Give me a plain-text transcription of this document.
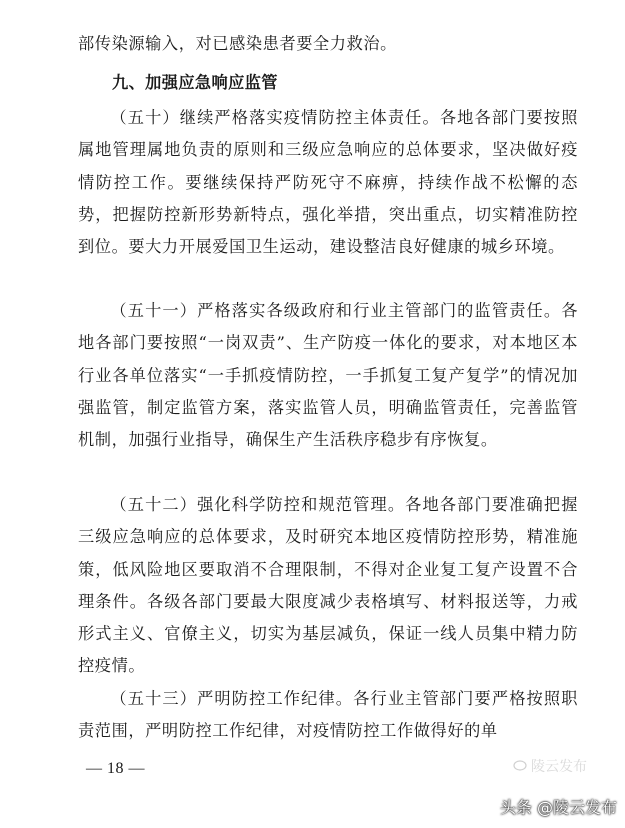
部传染源输入，对已感染患者要全力救治。

九、加强应急响应监管

（五十）继续严格落实疫情防控主体责任。各地各部门要按照属地管理属地负责的原则和三级应急响应的总体要求，坚决做好疫情防控工作。要继续保持严防死守不麻痹，持续作战不松懈的态势，把握防控新形势新特点，强化举措，突出重点，切实精准防控到位。要大力开展爱国卫生运动，建设整洁良好健康的城乡环境。

（五十一）严格落实各级政府和行业主管部门的监管责任。各地各部门要按照“一岗双责”、生产防疫一体化的要求，对本地区本行业各单位落实“一手抓疫情防控，一手抓复工复产复学”的情况加强监管，制定监管方案，落实监管人员，明确监管责任，完善监管机制，加强行业指导，确保生产生活秩序稳步有序恢复。

（五十二）强化科学防控和规范管理。各地各部门要准确把握三级应急响应的总体要求，及时研究本地区疫情防控形势，精准施策，低风险地区要取消不合理限制，不得对企业复工复产设置不合理条件。各级各部门要最大限度减少表格填写、材料报送等，力戒形式主义、官僚主义，切实为基层减负，保证一线人员集中精力防控疫情。

（五十三）严明防控工作纪律。各行业主管部门要严格按照职责范围，严明防控工作纪律，对疫情防控工作做得好的单

— 18 —	陵云发布
头条 @陵云发布
